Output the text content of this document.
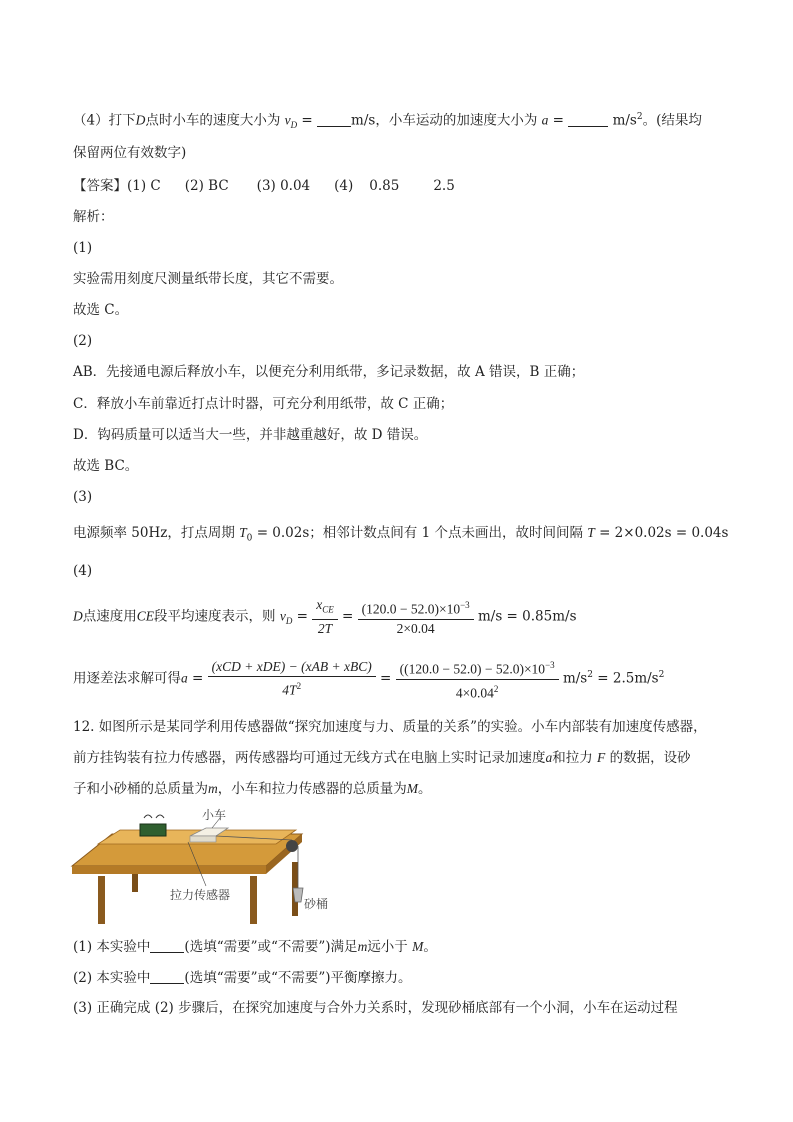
（4）打下D点时小车的速度大小为 $v_D$ =	m/s，小车运动的加速度大小为 a =	$m/s^2$。(结果均
保留两位有效数字)
【答案】(1) C (2) BC (3) 0.04 (4) 0.85	2.5
解析：
(1)
实验需用刻度尺测量纸带长度，其它不需要。
故选 C。
(2)
AB．先接通电源后释放小车，以便充分利用纸带，多记录数据，故 A 错误，B 正确；
C．释放小车前靠近打点计时器，可充分利用纸带，故 C 正确；
D．钩码质量可以适当大一些，并非越重越好，故 D 错误。
故选 BC。
(3)
电源频率 50Hz，打点周期 $T_0 = 0.02s$；相邻计数点间有 1 个点未画出，故时间间隔 T = 2×0.02s = 0.04s
(4)
D点速度用CE段平均速度表示，则 $v_D = \frac{x_{CE}}{2T} = \frac{(120.0 - 52.0)\times 10^{-3}}{2\times 0.04} m/s = 0.85m/s$
用逐差法求解可得$a = \frac{\text{(xCD + xDE) − (xAB + xBC)}}{4T^2} = \frac{((120.0 - 52.0) - 52.0)\times 10^{-3}}{4\times 0.04^2} m/s^2 = 2.5m/s^2$
12. 如图所示是某同学利用传感器做“探究加速度与力、质量的关系”的实验。小车内部装有加速度传感器，
前方挂钩装有拉力传感器，两传感器均可通过无线方式在电脑上实时记录加速度a和拉力 F 的数据，设砂
子和小砂桶的总质量为m，小车和拉力传感器的总质量为M。
小车
拉力传感器
砂桶
(1) 本实验中	(选填“需要”或“不需要”)满足m远小于 M。
(2) 本实验中	(选填“需要”或“不需要”)平衡摩擦力。
(3) 正确完成 (2) 步骤后，在探究加速度与合外力关系时，发现砂桶底部有一个小洞，小车在运动过程
